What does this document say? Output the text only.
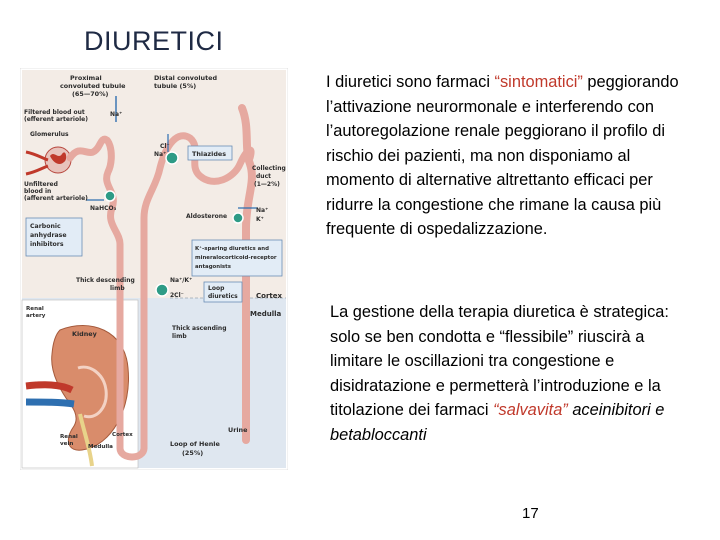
DIURETICI
Proximal
convoluted tubule
(65—70%)
Distal convoluted
tubule (5%)
Filtered blood out
(efferent arteriole)
Glomerulus
Na⁺
Unfiltered
blood in
(afferent arteriole)
Cl⁻
Na⁺	Thiazides
Collecting
duct
(1—2%)
NaHCO₃
Aldosterone
Na⁺
K⁺
Carbonic
anhydrase
inhibitors
K⁺-sparing diuretics and
mineralocorticoid-receptor
antagonists
Thick descending
limb
Na⁺/K⁺
2Cl⁻
Loop
diuretics	Cortex
Medulla
Renal
artery
Kidney
Thick ascending
limb
Cortex
Renal
vein	Medulla
Urine
Loop of Henle
(25%)
I diuretici sono farmaci “sintomatici” peggiorando l’attivazione neurormonale e interferendo con l’autoregolazione renale peggiorano il profilo di rischio dei pazienti, ma non disponiamo al momento di alternative altrettanto efficaci per ridurre la congestione che rimane la causa più frequente di ospedalizzazione.
La gestione della terapia diuretica è strategica: solo se ben condotta e “flessibile” riuscirà a limitare le oscillazioni tra congestione e disidratazione e permetterà l’introduzione e la titolazione dei farmaci “salvavita” aceinibitori e betabloccanti
17
